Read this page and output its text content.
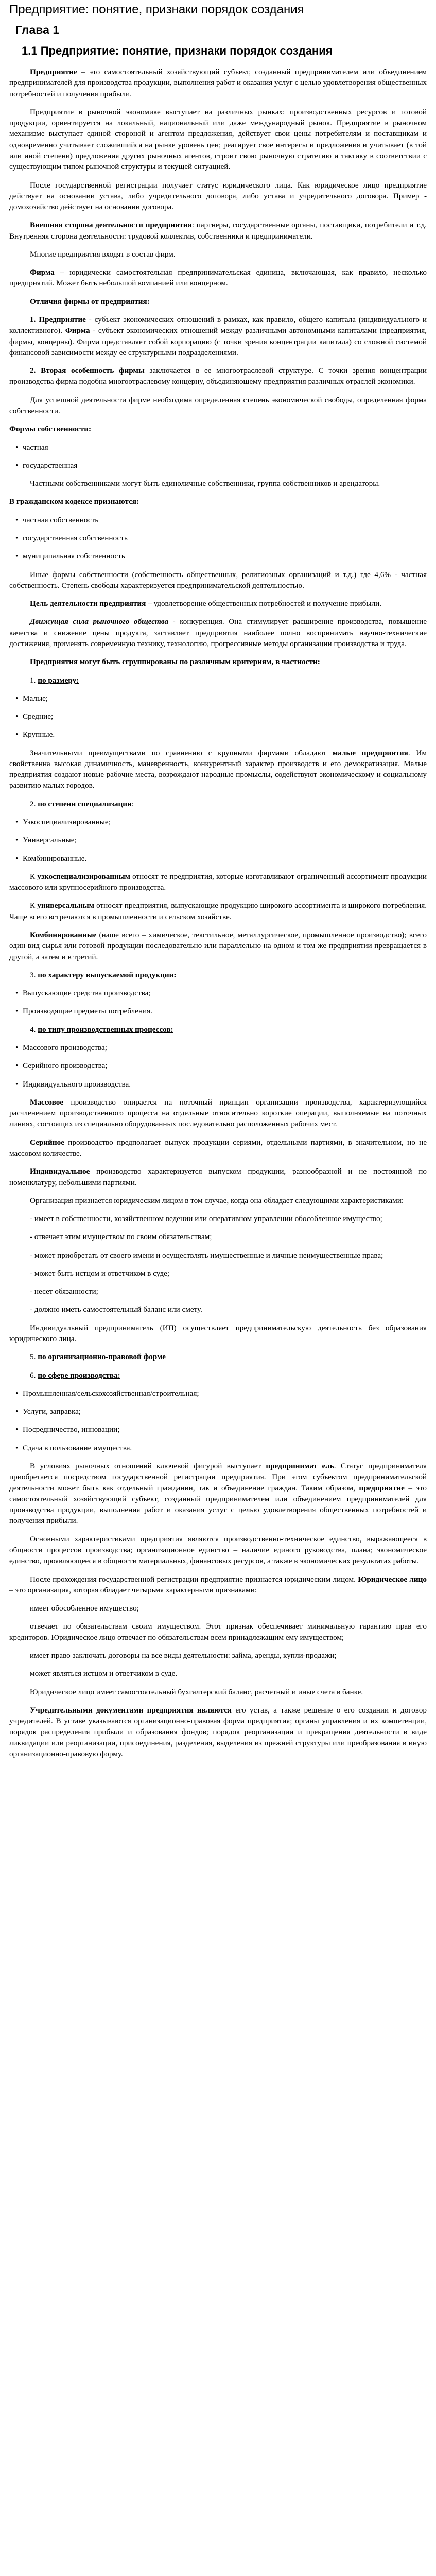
Предприятие: понятие, признаки порядок создания
Глава 1
1.1 Предприятие: понятие, признаки порядок создания

Предприятие – это самостоятельный хозяйствующий субъект, созданный предпринимателем или объединением предпринимателей для производства продукции, выполнения работ и оказания услуг с целью удовлетворения общественных потребностей и получения прибыли.

Предприятие в рыночной экономике выступает на различных рынках: производственных ресурсов и готовой продукции, ориентируется на локальный, национальный или даже международный рынок. Предприятие в рыночном механизме выступает единой стороной и агентом предложения, действует свои цены потребителям и поставщикам и одновременно учитывает сложившийся на рынке уровень цен; реагирует свое интересы и предложения и учитывает (в той или иной степени) предложения других рыночных агентов, строит свою рыночную стратегию и тактику в соответствии с существующим типом рыночной структуры и текущей ситуацией.

После государственной регистрации получает статус юридического лица. Как юридическое лицо предприятие действует на основании устава, либо учредительного договора, либо устава и учредительного договора. Пример - домохозяйство действует на основании договора.

Внешняя сторона деятельности предприятия: партнеры, государственные органы, поставщики, потребители и т.д. Внутренняя сторона деятельности: трудовой коллектив, собственники и предприниматели.

Многие предприятия входят в состав фирм.

Фирма – юридически самостоятельная предпринимательская единица, включающая, как правило, несколько предприятий. Может быть небольшой компанией или концерном.

Отличия фирмы от предприятия:

1. Предприятие - субъект экономических отношений в рамках, как правило, общего капитала (индивидуального и коллективного). Фирма - субъект экономических отношений между различными автономными капиталами (предприятия, фирмы, концерны). Фирма представляет собой корпорацию (с точки зрения концентрации капитала) со сложной системой финансовой зависимости между ее структурными подразделениями.

2. Вторая особенность фирмы заключается в ее многоотраслевой структуре. С точки зрения концентрации производства фирма подобна многоотраслевому концерну, объединяющему предприятия различных отраслей экономики.

Для успешной деятельности фирме необходима определенная степень экономической свободы, определенная форма собственности.

Формы собственности:

• частная
• государственная

Частными собственниками могут быть единоличные собственники, группа собственников и арендаторы.

В гражданском кодексе признаются:

• частная собственность
• государственная собственность
• муниципальная собственность

Иные формы собственности (собственность общественных, религиозных организаций и т.д.) где 4,6% - частная собственность. Степень свободы характеризуется предпринимательской деятельностью.

Цель деятельности предприятия – удовлетворение общественных потребностей и получение прибыли.

Движущая сила рыночного общества - конкуренция. Она стимулирует расширение производства, повышение качества и снижение цены продукта, заставляет предприятия наиболее полно воспринимать научно-технические достижения, применять современную технику, технологию, прогрессивные методы организации производства и труда.

Предприятия могут быть сгруппированы по различным критериям, в частности:

1. по размеру:

• Малые;
• Средние;
• Крупные.

Значительными преимуществами по сравнению с крупными фирмами обладают малые предприятия. Им свойственна высокая динамичность, маневренность, конкурентный характер производств и его демократизация. Малые предприятия создают новые рабочие места, возрождают народные промыслы, содействуют экономическому и социальному развитию малых городов.

2. по степени специализации:

• Узкоспециализированные;
• Универсальные;
• Комбинированные.

К узкоспециализированным относят те предприятия, которые изготавливают ограниченный ассортимент продукции массового или крупносерийного производства.

К универсальным относят предприятия, выпускающие продукцию широкого ассортимента и широкого потребления. Чаще всего встречаются в промышленности и сельском хозяйстве.

Комбинированные (наше всего – химическое, текстильное, металлургическое, промышленное производство); всего один вид сырья или готовой продукции последовательно или параллельно на одном и том же предприятии превращается в другой, а затем и в третий.

3. по характеру выпускаемой продукции:

• Выпускающие средства производства;
• Производящие предметы потребления.

4. по типу производственных процессов:

• Массового производства;
• Серийного производства;
• Индивидуального производства.

Массовое производство опирается на поточный принцип организации производства, характеризующийся расчленением производственного процесса на отдельные относительно короткие операции, выполняемые на поточных линиях, состоящих из специально оборудованных последовательно расположенных рабочих мест.

Серийное производство предполагает выпуск продукции сериями, отдельными партиями, в значительном, но не массовом количестве.

Индивидуальное производство характеризуется выпуском продукции, разнообразной и не постоянной по номенклатуру, небольшими партиями.

Организация признается юридическим лицом в том случае, когда она обладает следующими характеристиками:

- имеет в собственности, хозяйственном ведении или оперативном управлении обособленное имущество;

- отвечает этим имуществом по своим обязательствам;

- может приобретать от своего имени и осуществлять имущественные и личные неимущественные права;

- может быть истцом и ответчиком в суде;

- несет обязанности;

- должно иметь самостоятельный баланс или смету.

Индивидуальный предприниматель (ИП) осуществляет предпринимательскую деятельность без образования юридического лица.

5. по организационно-правовой форме

6. по сфере производства:

• Промышленная/сельскохозяйственная/строительная;
• Услуги, заправка;
• Посредничество, инновации;
• Сдача в пользование имущества.

В условиях рыночных отношений ключевой фигурой выступает предпринимат ель. Статус предпринимателя приобретается посредством государственной регистрации предприятия. При этом субъектом предпринимательской деятельности может быть как отдельный гражданин, так и объединение граждан. Таким образом, предприятие – это самостоятельный хозяйствующий субъект, созданный предпринимателем или объединением предпринимателей для производства продукции, выполнения работ и оказания услуг с целью удовлетворения общественных потребностей и получения прибыли.

Основными характеристиками предприятия являются производственно-техническое единство, выражающееся в общности процессов производства; организационное единство – наличие единого руководства, плана; экономическое единство, проявляющееся в общности материальных, финансовых ресурсов, а также в экономических результатах работы.

После прохождения государственной регистрации предприятие признается юридическим лицом. Юридическое лицо – это организация, которая обладает четырьмя характерными признаками:

имеет обособленное имущество;

отвечает по обязательствам своим имуществом. Этот признак обеспечивает минимальную гарантию прав его кредиторов. Юридическое лицо отвечает по обязательствам всем принадлежащим ему имуществом;

имеет право заключать договоры на все виды деятельности: займа, аренды, купли-продажи;

может являться истцом и ответчиком в суде.

Юридическое лицо имеет самостоятельный бухгалтерский баланс, расчетный и иные счета в банке.

Учредительными документами предприятия являются его устав, а также решение о его создании и договор учредителей. В уставе указываются организационно-правовая форма предприятия; органы управления и их компетенции, порядок распределения прибыли и образования фондов; порядок реорганизации и прекращения деятельности в виде ликвидации или реорганизации, присоединения, разделения, выделения из прежней структуры или преобразования в иную организационно-правовую форму.
